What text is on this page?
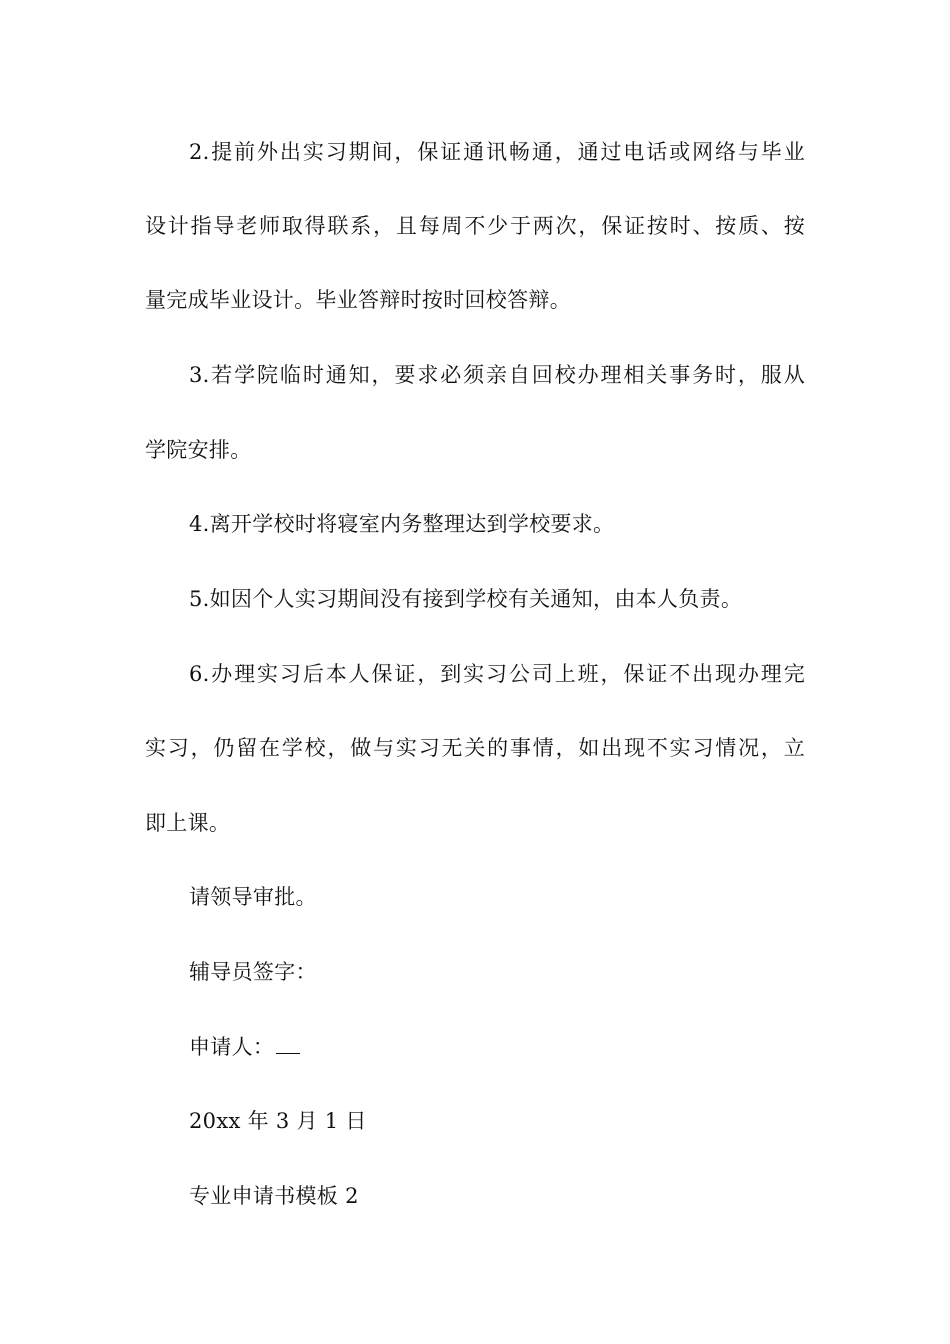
2.提前外出实习期间，保证通讯畅通，通过电话或网络与毕业
设计指导老师取得联系，且每周不少于两次，保证按时、按质、按
量完成毕业设计。毕业答辩时按时回校答辩。
3.若学院临时通知，要求必须亲自回校办理相关事务时，服从
学院安排。
4.离开学校时将寝室内务整理达到学校要求。
5.如因个人实习期间没有接到学校有关通知，由本人负责。
6.办理实习后本人保证，到实习公司上班，保证不出现办理完
实习，仍留在学校，做与实习无关的事情，如出现不实习情况，立
即上课。
请领导审批。
辅导员签字：
申请人：
20xx 年 3 月 1 日
专业申请书模板 2
